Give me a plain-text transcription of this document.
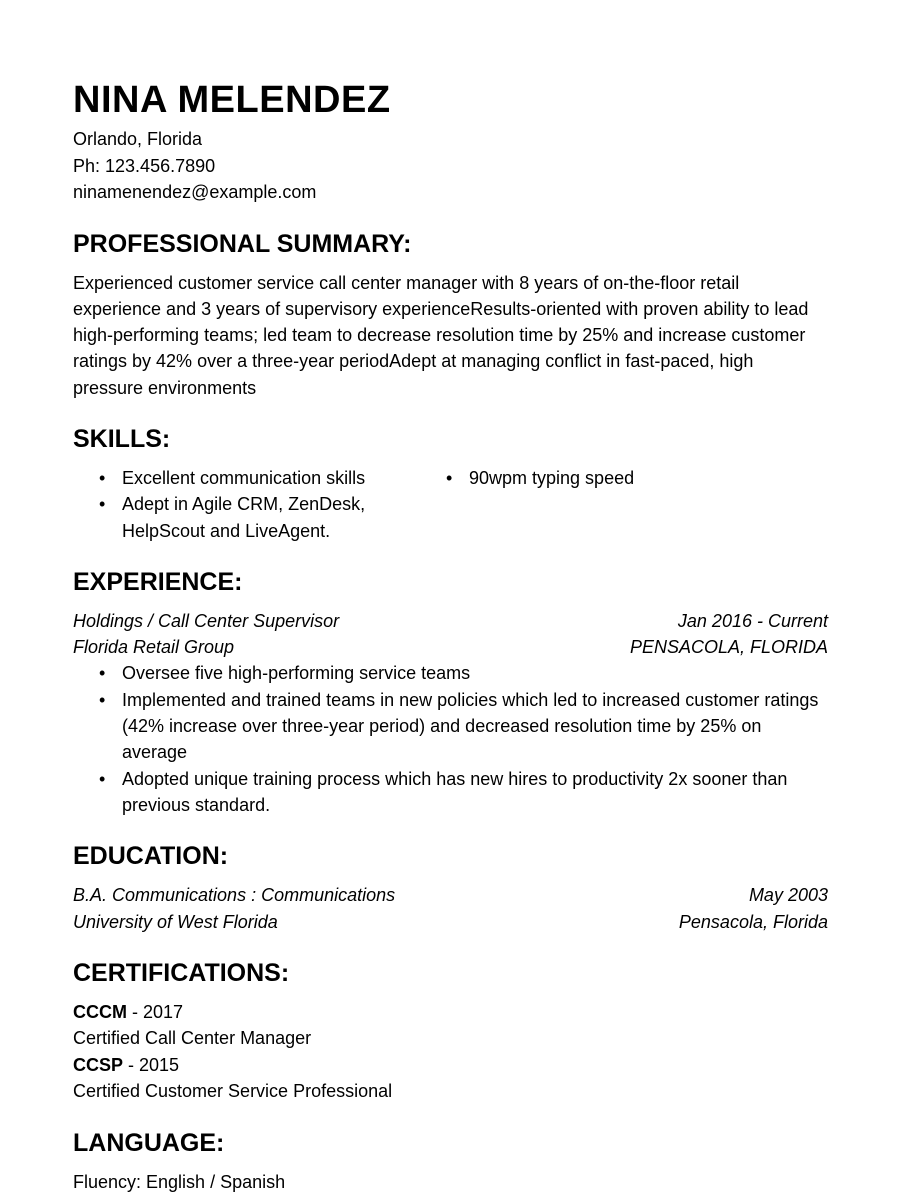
NINA MELENDEZ
Orlando, Florida
Ph: 123.456.7890
ninamenendez@example.com
PROFESSIONAL SUMMARY:
Experienced customer service call center manager with 8 years of on-the-floor retail experience and 3 years of supervisory experienceResults-oriented with proven ability to lead high-performing teams; led team to decrease resolution time by 25% and increase customer ratings by 42% over a three-year periodAdept at managing conflict in fast-paced, high pressure environments
SKILLS:
• Excellent communication skills
• Adept in Agile CRM, ZenDesk, HelpScout and LiveAgent.
• 90wpm typing speed
EXPERIENCE:
Holdings / Call Center Supervisor	Jan 2016 - Current
Florida Retail Group	PENSACOLA, FLORIDA
• Oversee five high-performing service teams
• Implemented and trained teams in new policies which led to increased customer ratings (42% increase over three-year period) and decreased resolution time by 25% on average
• Adopted unique training process which has new hires to productivity 2x sooner than previous standard.
EDUCATION:
B.A. Communications : Communications	May 2003
University of West Florida	Pensacola, Florida
CERTIFICATIONS:
CCCM - 2017
Certified Call Center Manager
CCSP - 2015
Certified Customer Service Professional
LANGUAGE:
Fluency: English / Spanish
